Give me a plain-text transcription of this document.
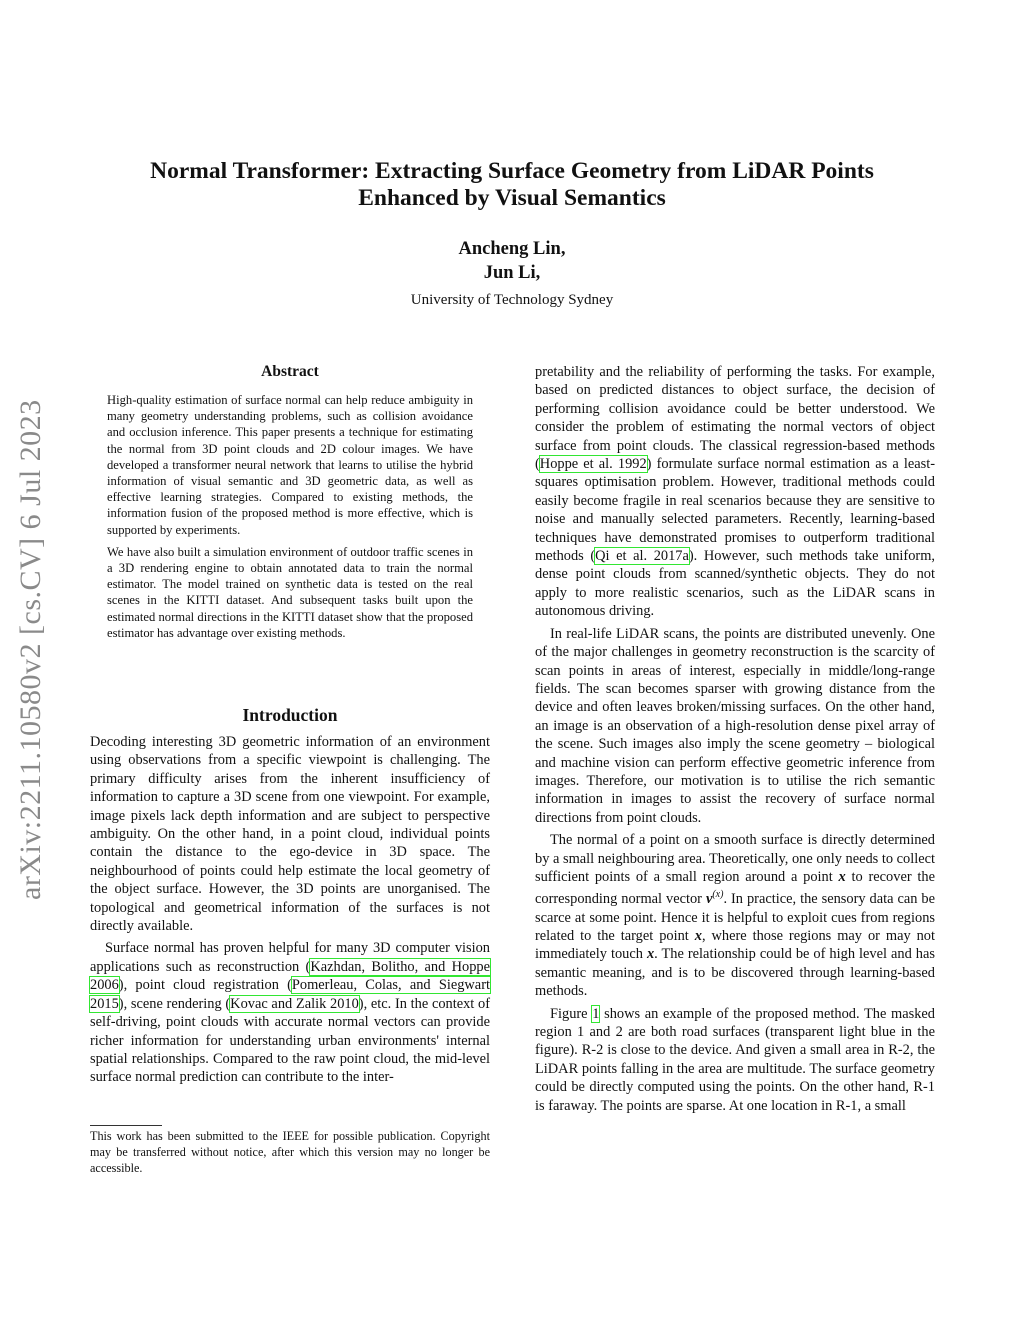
arXiv:2211.10580v2 [cs.CV] 6 Jul 2023
Normal Transformer: Extracting Surface Geometry from LiDAR Points
Enhanced by Visual Semantics
Ancheng Lin,
Jun Li,
University of Technology Sydney
Abstract

High-quality estimation of surface normal can help reduce ambiguity in many geometry understanding problems, such as collision avoidance and occlusion inference. This paper presents a technique for estimating the normal from 3D point clouds and 2D colour images. We have developed a transformer neural network that learns to utilise the hybrid information of visual semantic and 3D geometric data, as well as effective learning strategies. Compared to existing methods, the information fusion of the proposed method is more effective, which is supported by experiments.

We have also built a simulation environment of outdoor traffic scenes in a 3D rendering engine to obtain annotated data to train the normal estimator. The model trained on synthetic data is tested on the real scenes in the KITTI dataset. And subsequent tasks built upon the estimated normal directions in the KITTI dataset show that the proposed estimator has advantage over existing methods.

Introduction

Decoding interesting 3D geometric information of an environment using observations from a specific viewpoint is challenging. The primary difficulty arises from the inherent insufficiency of information to capture a 3D scene from one viewpoint. For example, image pixels lack depth information and are subject to perspective ambiguity. On the other hand, in a point cloud, individual points contain the distance to the ego-device in 3D space. The neighbourhood of points could help estimate the local geometry of the object surface. However, the 3D points are unorganised. The topological and geometrical information of the surfaces is not directly available.

Surface normal has proven helpful for many 3D computer vision applications such as reconstruction (Kazhdan, Bolitho, and Hoppe 2006), point cloud registration (Pomerleau, Colas, and Siegwart 2015), scene rendering (Kovac and Zalik 2010), etc. In the context of self-driving, point clouds with accurate normal vectors can provide richer information for understanding urban environments' internal spatial relationships. Compared to the raw point cloud, the mid-level surface normal prediction can contribute to the inter-

This work has been submitted to the IEEE for possible publication. Copyright may be transferred without notice, after which this version may no longer be accessible.

pretability and the reliability of performing the tasks. For example, based on predicted distances to object surface, the decision of performing collision avoidance could be better understood. We consider the problem of estimating the normal vectors of object surface from point clouds. The classical regression-based methods (Hoppe et al. 1992) formulate surface normal estimation as a least-squares optimisation problem. However, traditional methods could easily become fragile in real scenarios because they are sensitive to noise and manually selected parameters. Recently, learning-based techniques have demonstrated promises to outperform traditional methods (Qi et al. 2017a). However, such methods take uniform, dense point clouds from scanned/synthetic objects. They do not apply to more realistic scenarios, such as the LiDAR scans in autonomous driving.

In real-life LiDAR scans, the points are distributed unevenly. One of the major challenges in geometry reconstruction is the scarcity of scan points in areas of interest, especially in middle/long-range fields. The scan becomes sparser with growing distance from the device and often leaves broken/missing surfaces. On the other hand, an image is an observation of a high-resolution dense pixel array of the scene. Such images also imply the scene geometry – biological and machine vision can perform effective geometric inference from images. Therefore, our motivation is to utilise the rich semantic information in images to assist the recovery of surface normal directions from point clouds.

The normal of a point on a smooth surface is directly determined by a small neighbouring area. Theoretically, one only needs to collect sufficient points of a small region around a point x to recover the corresponding normal vector $v^{(x)}$. In practice, the sensory data can be scarce at some point. Hence it is helpful to exploit cues from regions related to the target point x, where those regions may or may not immediately touch x. The relationship could be of high level and has semantic meaning, and is to be discovered through learning-based methods.

Figure 1 shows an example of the proposed method. The masked region 1 and 2 are both road surfaces (transparent light blue in the figure). R-2 is close to the device. And given a small area in R-2, the LiDAR points falling in the area are multitude. The surface geometry could be directly computed using the points. On the other hand, R-1 is faraway. The points are sparse. At one location in R-1, a small
